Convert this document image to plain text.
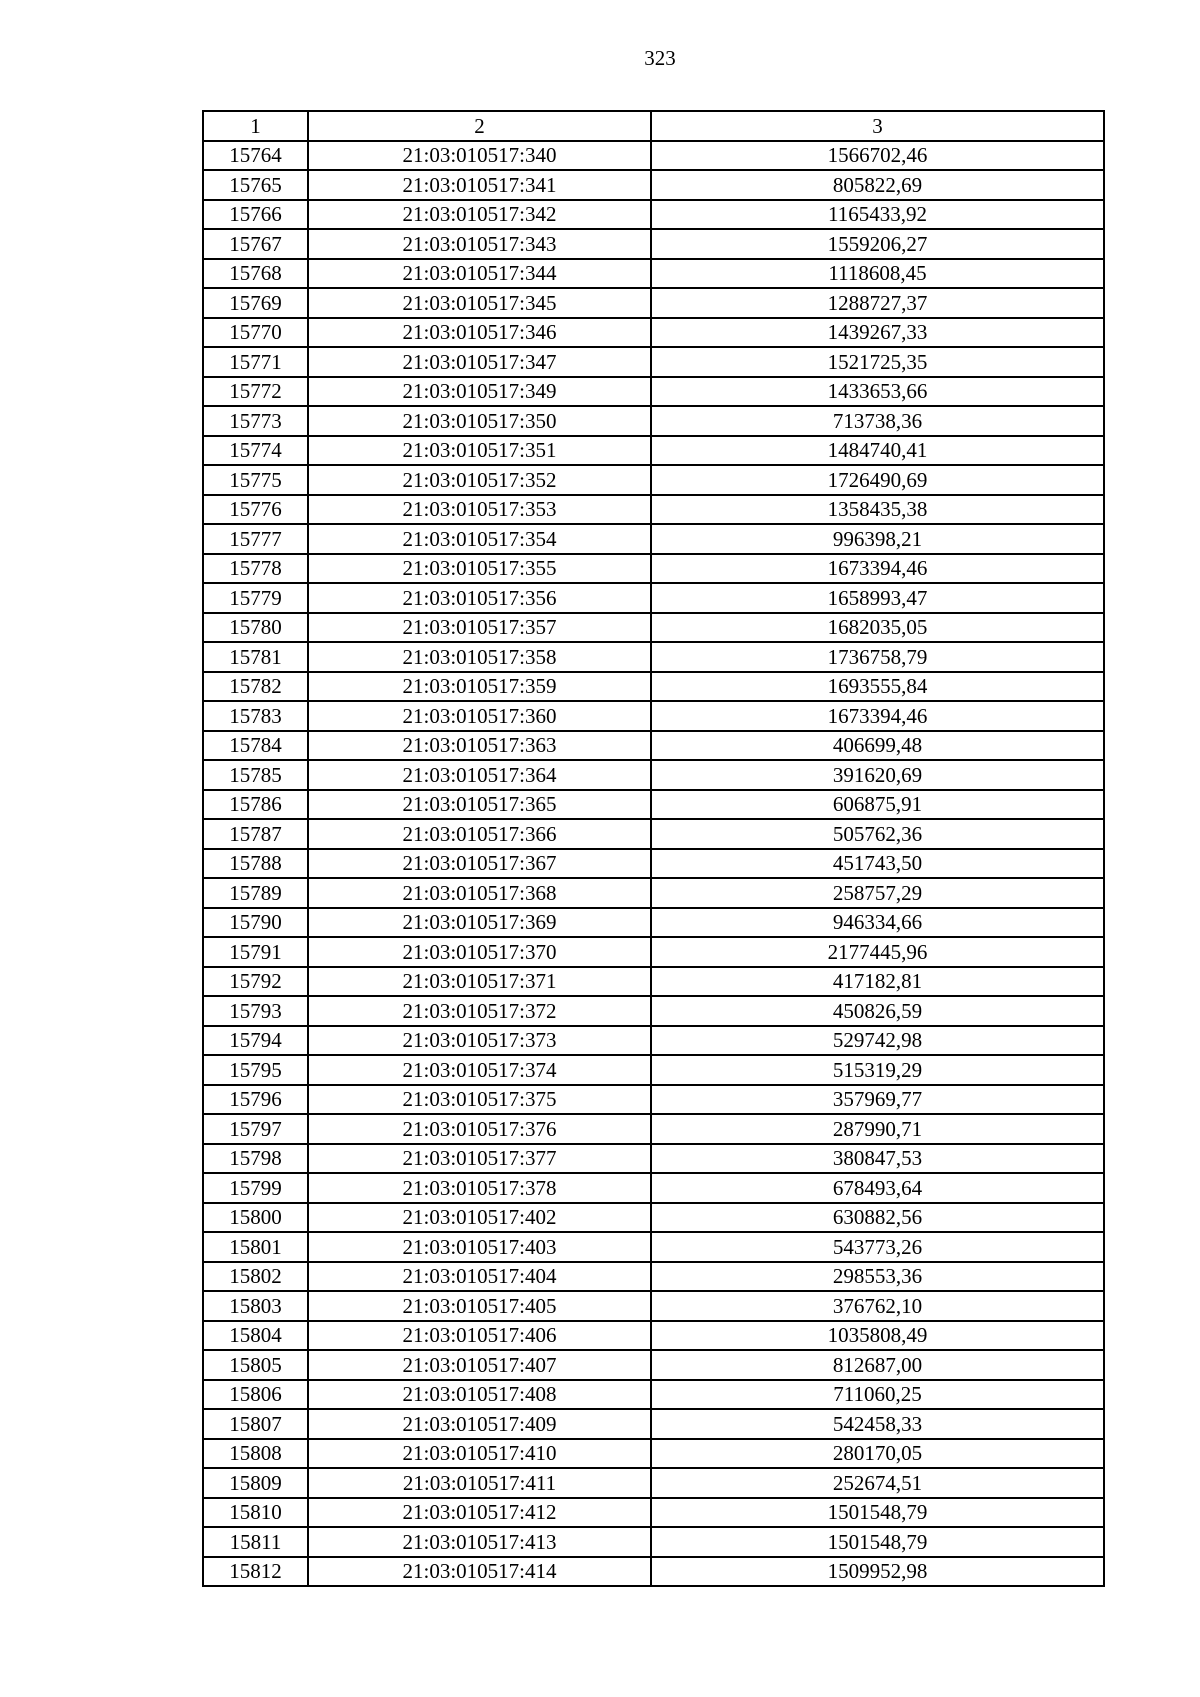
323
1	2	3
15764	21:03:010517:340	1566702,46
15765	21:03:010517:341	805822,69
15766	21:03:010517:342	1165433,92
15767	21:03:010517:343	1559206,27
15768	21:03:010517:344	1118608,45
15769	21:03:010517:345	1288727,37
15770	21:03:010517:346	1439267,33
15771	21:03:010517:347	1521725,35
15772	21:03:010517:349	1433653,66
15773	21:03:010517:350	713738,36
15774	21:03:010517:351	1484740,41
15775	21:03:010517:352	1726490,69
15776	21:03:010517:353	1358435,38
15777	21:03:010517:354	996398,21
15778	21:03:010517:355	1673394,46
15779	21:03:010517:356	1658993,47
15780	21:03:010517:357	1682035,05
15781	21:03:010517:358	1736758,79
15782	21:03:010517:359	1693555,84
15783	21:03:010517:360	1673394,46
15784	21:03:010517:363	406699,48
15785	21:03:010517:364	391620,69
15786	21:03:010517:365	606875,91
15787	21:03:010517:366	505762,36
15788	21:03:010517:367	451743,50
15789	21:03:010517:368	258757,29
15790	21:03:010517:369	946334,66
15791	21:03:010517:370	2177445,96
15792	21:03:010517:371	417182,81
15793	21:03:010517:372	450826,59
15794	21:03:010517:373	529742,98
15795	21:03:010517:374	515319,29
15796	21:03:010517:375	357969,77
15797	21:03:010517:376	287990,71
15798	21:03:010517:377	380847,53
15799	21:03:010517:378	678493,64
15800	21:03:010517:402	630882,56
15801	21:03:010517:403	543773,26
15802	21:03:010517:404	298553,36
15803	21:03:010517:405	376762,10
15804	21:03:010517:406	1035808,49
15805	21:03:010517:407	812687,00
15806	21:03:010517:408	711060,25
15807	21:03:010517:409	542458,33
15808	21:03:010517:410	280170,05
15809	21:03:010517:411	252674,51
15810	21:03:010517:412	1501548,79
15811	21:03:010517:413	1501548,79
15812	21:03:010517:414	1509952,98
